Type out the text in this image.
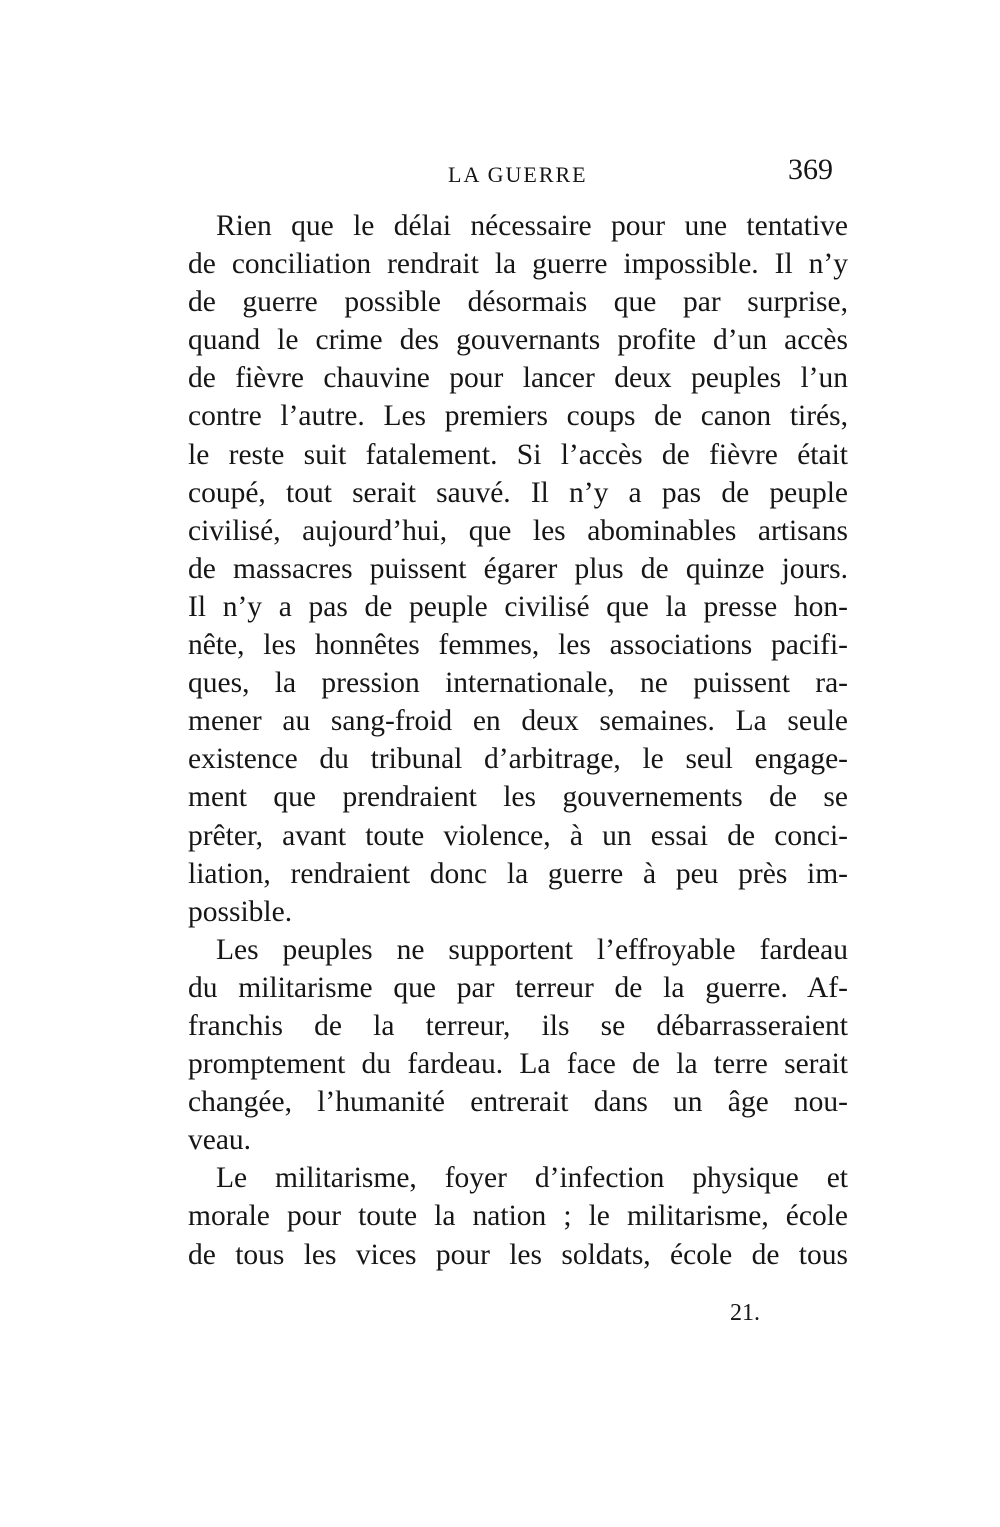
LA GUERRE	369
Rien que le délai nécessaire pour une tentative
de conciliation rendrait la guerre impossible. Il n’y
de guerre possible désormais que par surprise,
quand le crime des gouvernants profite d’un accès
de fièvre chauvine pour lancer deux peuples l’un
contre l’autre. Les premiers coups de canon tirés,
le reste suit fatalement. Si l’accès de fièvre était
coupé, tout serait sauvé. Il n’y a pas de peuple
civilisé, aujourd’hui, que les abominables artisans
de massacres puissent égarer plus de quinze jours.
Il n’y a pas de peuple civilisé que la presse hon-
nête, les honnêtes femmes, les associations pacifi-
ques, la pression internationale, ne puissent ra-
mener au sang-froid en deux semaines. La seule
existence du tribunal d’arbitrage, le seul engage-
ment que prendraient les gouvernements de se
prêter, avant toute violence, à un essai de conci-
liation, rendraient donc la guerre à peu près im-
possible.
Les peuples ne supportent l’effroyable fardeau
du militarisme que par terreur de la guerre. Af-
franchis de la terreur, ils se débarrasseraient
promptement du fardeau. La face de la terre serait
changée, l’humanité entrerait dans un âge nou-
veau.
Le militarisme, foyer d’infection physique et
morale pour toute la nation ; le militarisme, école
de tous les vices pour les soldats, école de tous
21.
